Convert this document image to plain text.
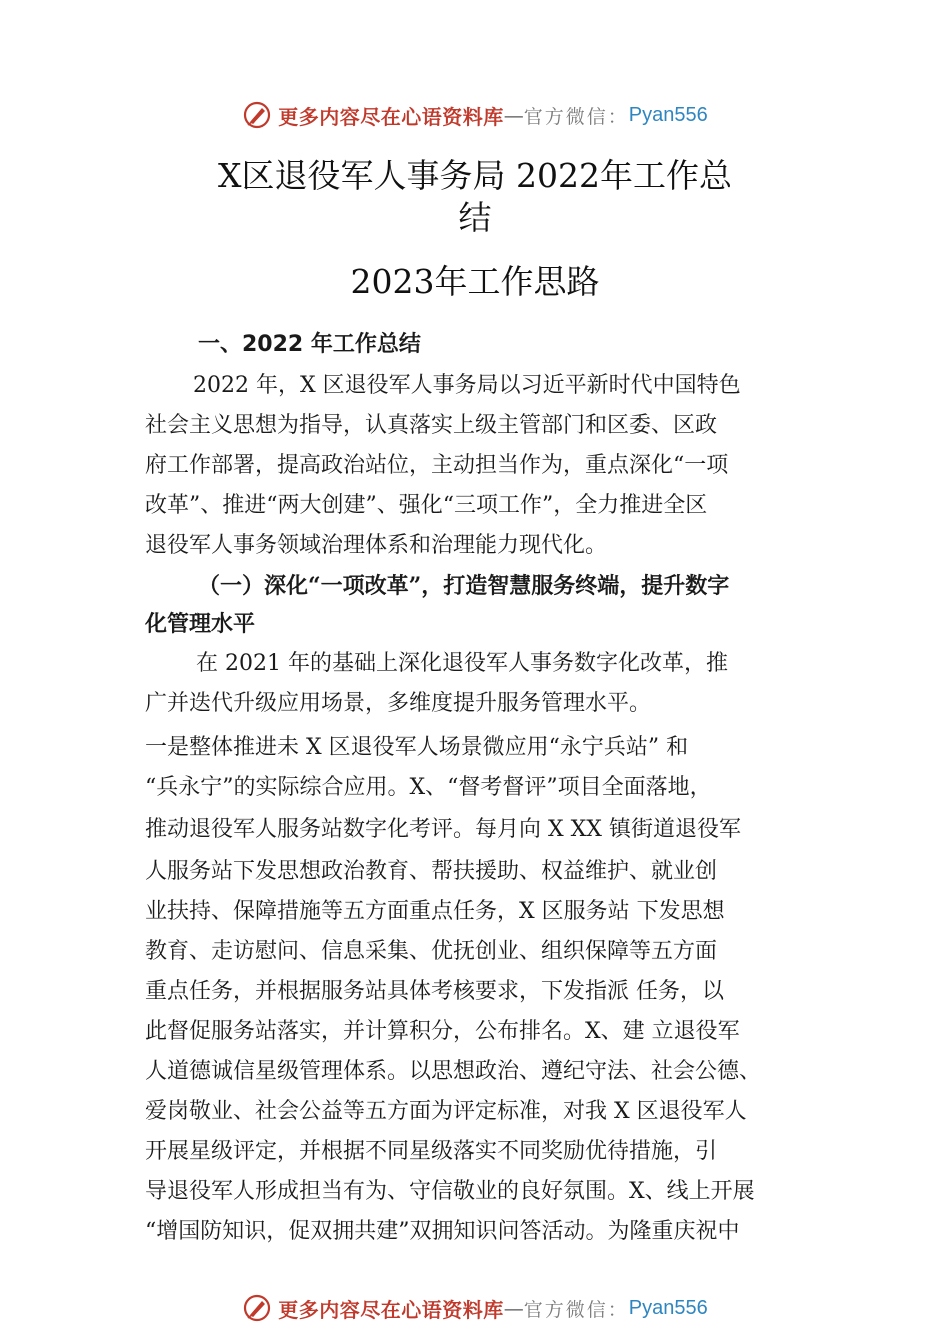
更多内容尽在心语资料库 — 官方微信： Pyan556
X区退役军人事务局 2022年工作总
结
2023年工作思路
一、2022 年工作总结
2022 年，X 区退役军人事务局以习近平新时代中国特色
社会主义思想为指导，认真落实上级主管部门和区委、区政
府工作部署，提高政治站位，主动担当作为，重点深化“一项
改革”、推进“两大创建”、强化“三项工作”，全力推进全区
退役军人事务领域治理体系和治理能力现代化。
（一）深化“一项改革”，打造智慧服务终端，提升数字
化管理水平
在 2021 年的基础上深化退役军人事务数字化改革，推
广并迭代升级应用场景，多维度提升服务管理水平。
一是整体推进未 X 区退役军人场景微应用“永宁兵站” 和
“兵永宁”的实际综合应用。X、“督考督评”项目全面落地，
推动退役军人服务站数字化考评。每月向 X XX 镇街道退役军
人服务站下发思想政治教育、帮扶援助、权益维护、就业创
业扶持、保障措施等五方面重点任务，X 区服务站 下发思想
教育、走访慰问、信息采集、优抚创业、组织保障等五方面
重点任务，并根据服务站具体考核要求，下发指派 任务，以
此督促服务站落实，并计算积分，公布排名。X、建 立退役军
人道德诚信星级管理体系。以思想政治、遵纪守法、社会公德、
爱岗敬业、社会公益等五方面为评定标准，对我 X 区退役军人
开展星级评定，并根据不同星级落实不同奖励优待措施，引
导退役军人形成担当有为、守信敬业的良好氛围。X、线上开展
“增国防知识，促双拥共建”双拥知识问答活动。为隆重庆祝中
更多内容尽在心语资料库 — 官方微信： Pyan556
